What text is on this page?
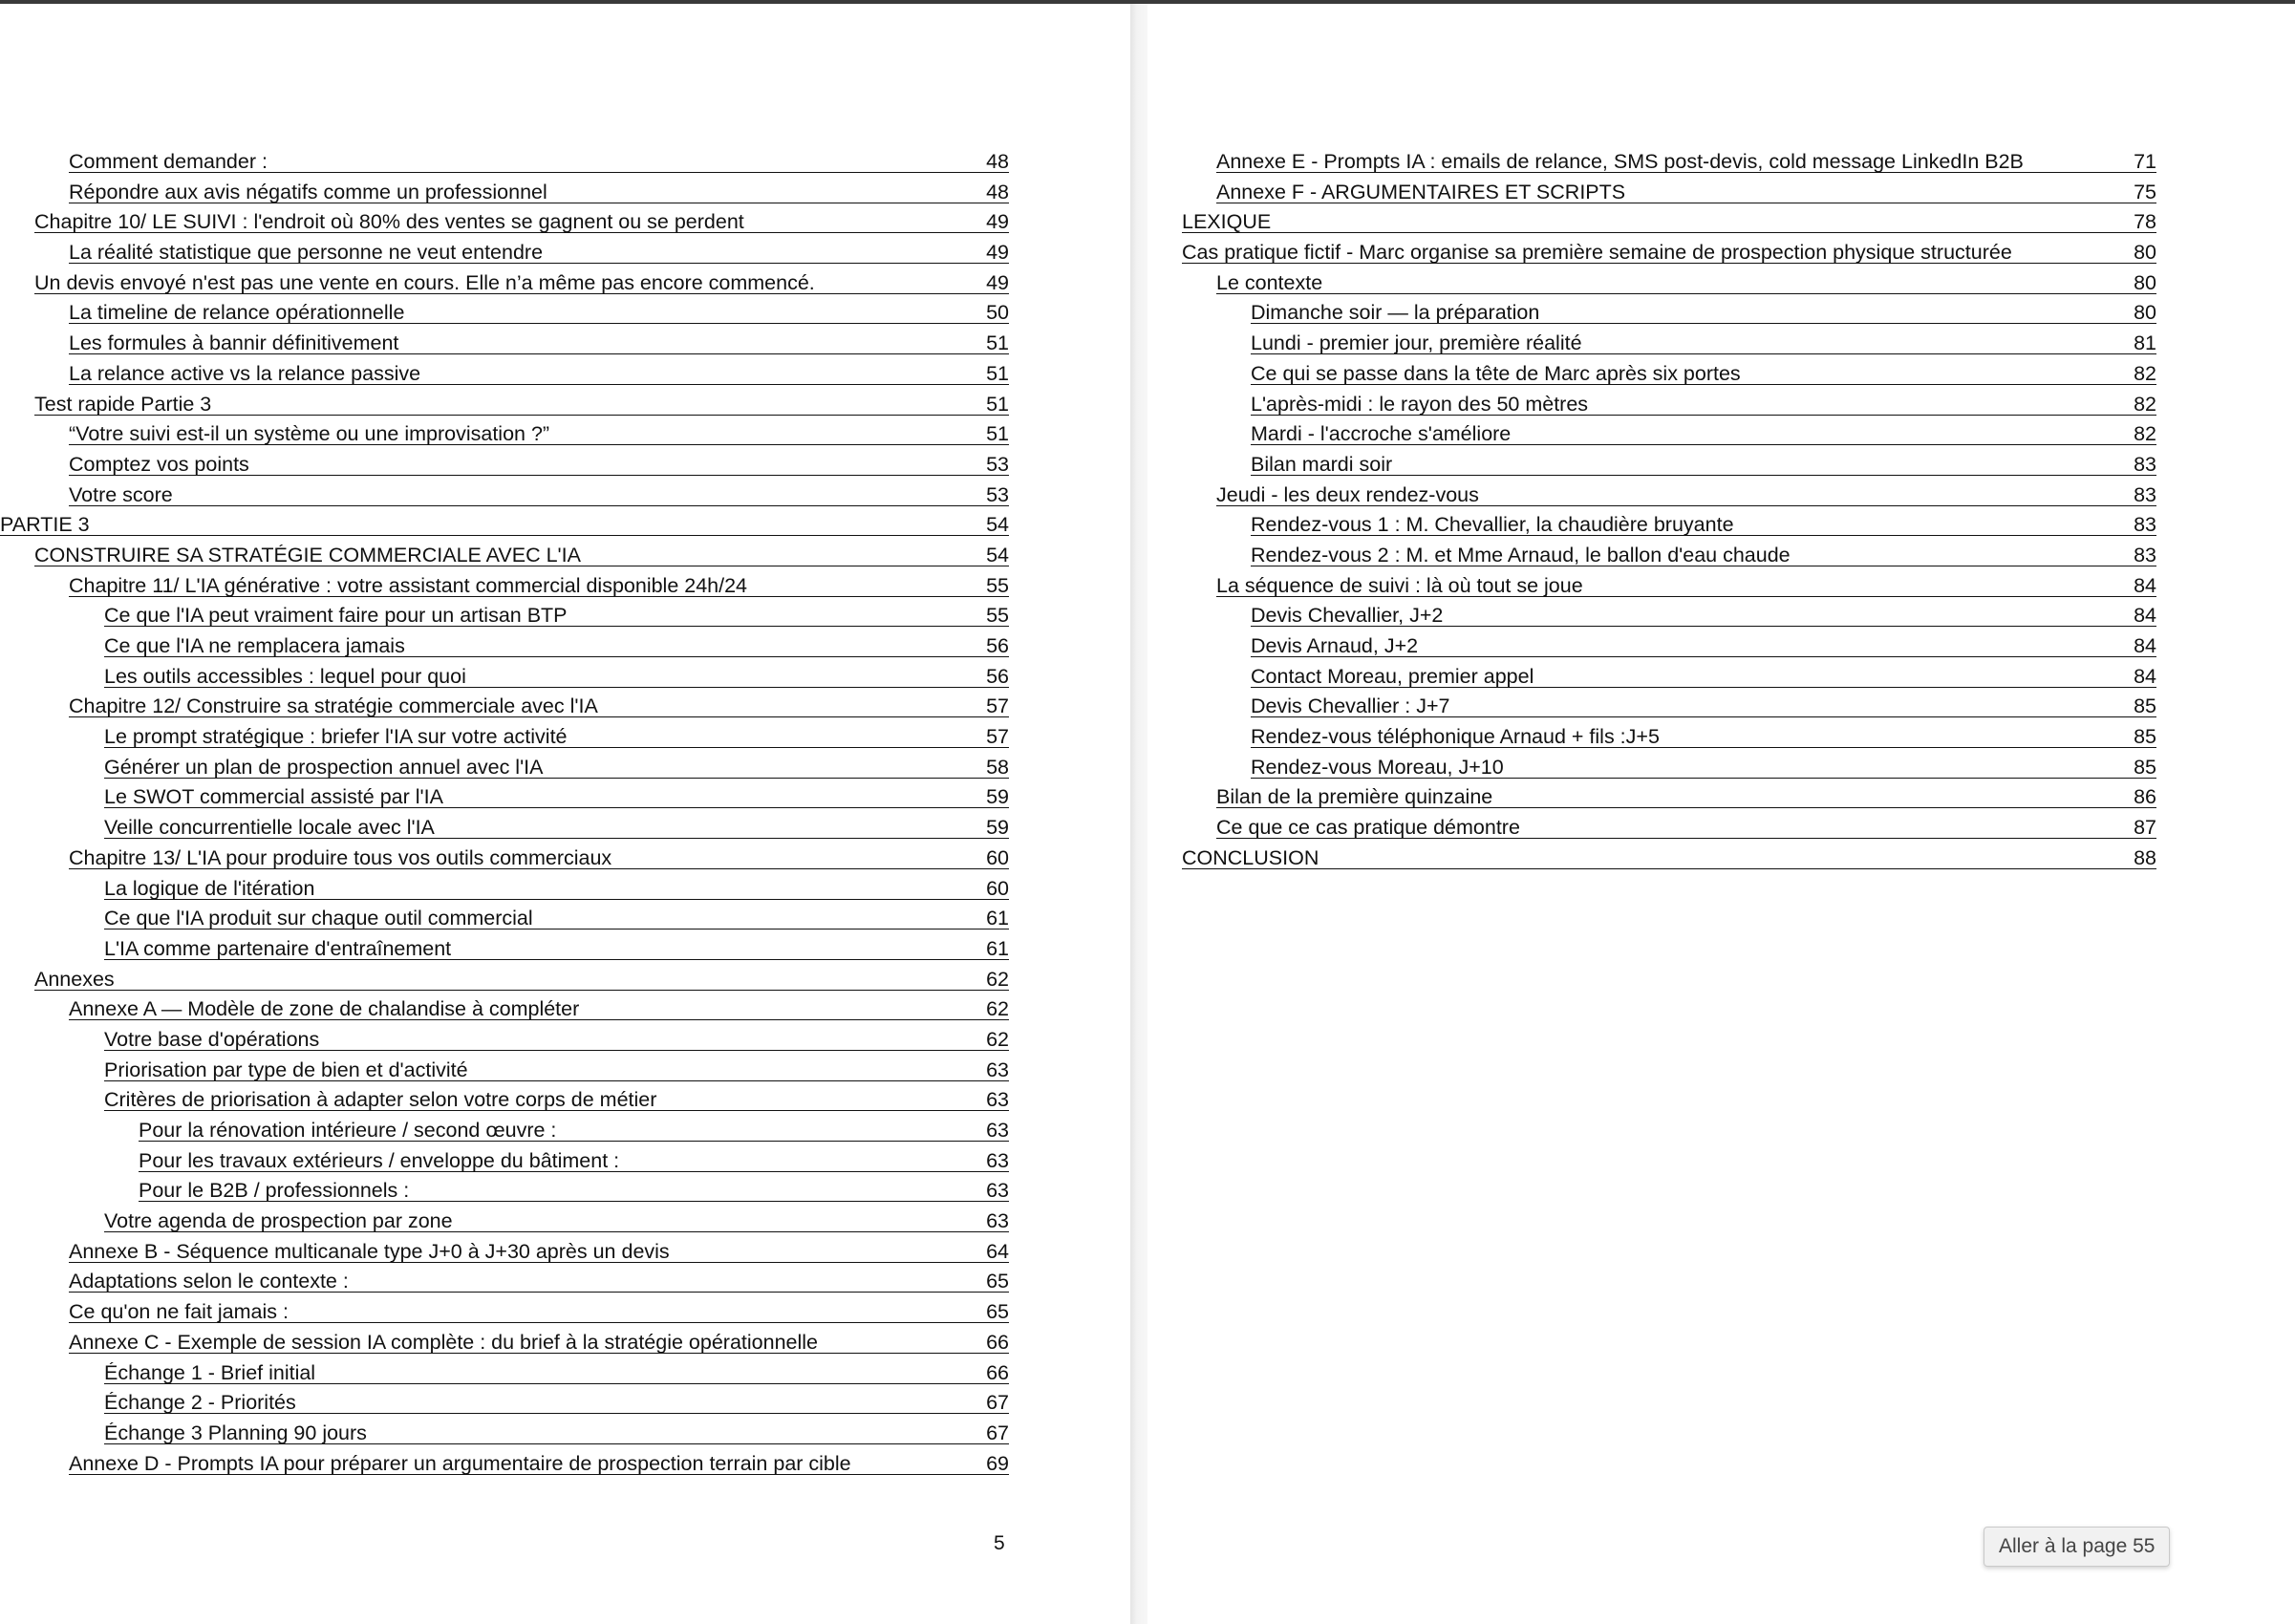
Comment demander :	48
Répondre aux avis négatifs comme un professionnel	48
Chapitre 10/ LE SUIVI : l'endroit où 80% des ventes se gagnent ou se perdent	49
La réalité statistique que personne ne veut entendre	49
Un devis envoyé n'est pas une vente en cours. Elle n’a même pas encore commencé.	49
La timeline de relance opérationnelle	50
Les formules à bannir définitivement	51
La relance active vs la relance passive	51
Test rapide Partie 3	51
“Votre suivi est-il un système ou une improvisation ?”	51
Comptez vos points	53
Votre score	53
PARTIE 3	54
CONSTRUIRE SA STRATÉGIE COMMERCIALE AVEC L'IA	54
Chapitre 11/ L'IA générative : votre assistant commercial disponible 24h/24	55
Ce que l'IA peut vraiment faire pour un artisan BTP	55
Ce que l'IA ne remplacera jamais	56
Les outils accessibles : lequel pour quoi	56
Chapitre 12/ Construire sa stratégie commerciale avec l'IA	57
Le prompt stratégique : briefer l'IA sur votre activité	57
Générer un plan de prospection annuel avec l'IA	58
Le SWOT commercial assisté par l'IA	59
Veille concurrentielle locale avec l'IA	59
Chapitre 13/ L'IA pour produire tous vos outils commerciaux	60
La logique de l'itération	60
Ce que l'IA produit sur chaque outil commercial	61
L'IA comme partenaire d'entraînement	61
Annexes	62
Annexe A — Modèle de zone de chalandise à compléter	62
Votre base d'opérations	62
Priorisation par type de bien et d'activité	63
Critères de priorisation à adapter selon votre corps de métier	63
Pour la rénovation intérieure / second œuvre :	63
Pour les travaux extérieurs / enveloppe du bâtiment :	63
Pour le B2B / professionnels :	63
Votre agenda de prospection par zone	63
Annexe B - Séquence multicanale type J+0 à J+30 après un devis	64
Adaptations selon le contexte :	65
Ce qu'on ne fait jamais :	65
Annexe C - Exemple de session IA complète : du brief à la stratégie opérationnelle	66
Échange 1 - Brief initial	66
Échange 2 - Priorités	67
Échange 3 Planning 90 jours	67
Annexe D - Prompts IA pour préparer un argumentaire de prospection terrain par cible	69
5
Annexe E - Prompts IA : emails de relance, SMS post-devis, cold message LinkedIn B2B	71
Annexe F - ARGUMENTAIRES ET SCRIPTS	75
LEXIQUE	78
Cas pratique fictif - Marc organise sa première semaine de prospection physique structurée	80
Le contexte	80
Dimanche soir — la préparation	80
Lundi - premier jour, première réalité	81
Ce qui se passe dans la tête de Marc après six portes	82
L'après-midi : le rayon des 50 mètres	82
Mardi - l'accroche s'améliore	82
Bilan mardi soir	83
Jeudi - les deux rendez-vous	83
Rendez-vous 1 : M. Chevallier, la chaudière bruyante	83
Rendez-vous 2 : M. et Mme Arnaud, le ballon d'eau chaude	83
La séquence de suivi : là où tout se joue	84
Devis Chevallier, J+2	84
Devis Arnaud, J+2	84
Contact Moreau, premier appel	84
Devis Chevallier : J+7	85
Rendez-vous téléphonique Arnaud + fils :J+5	85
Rendez-vous Moreau, J+10	85
Bilan de la première quinzaine	86
Ce que ce cas pratique démontre	87
CONCLUSION	88
Aller à la page 55
